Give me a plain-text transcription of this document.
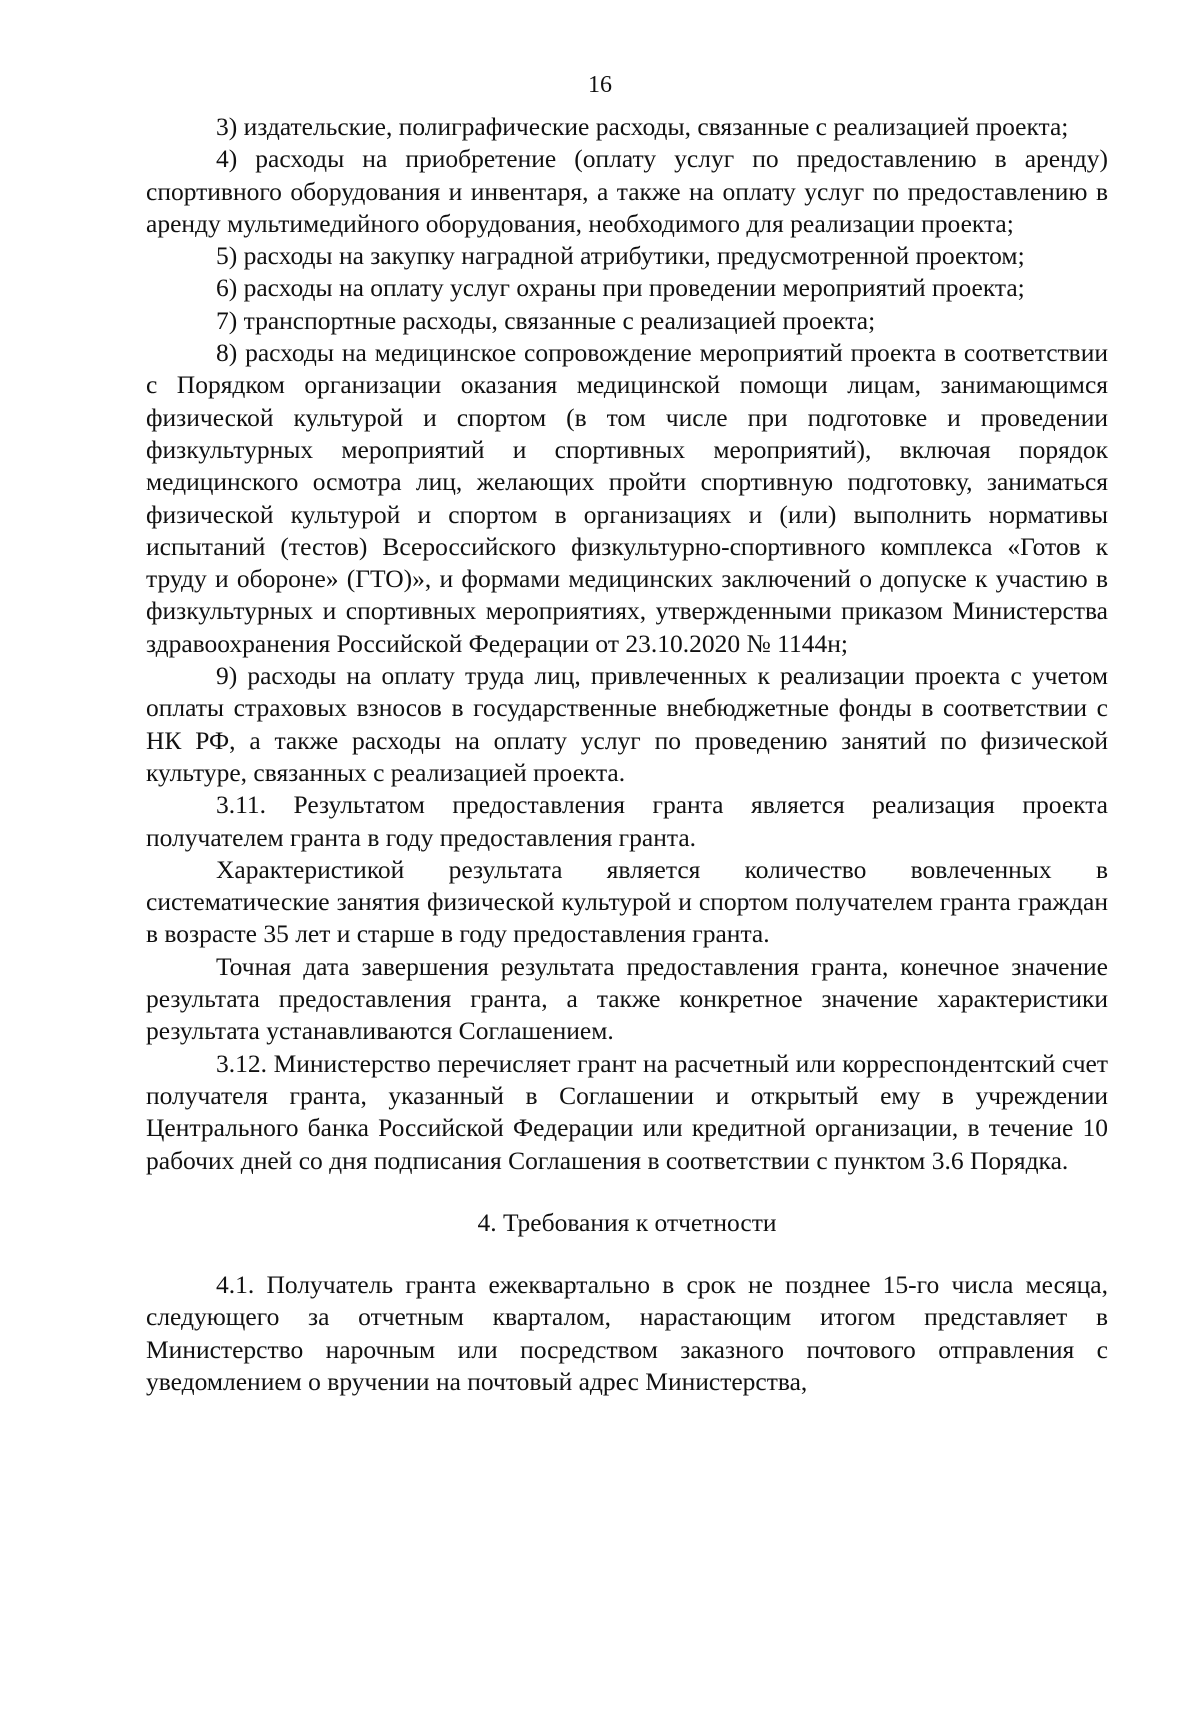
16

3) издательские, полиграфические расходы, связанные с реализацией проекта;

4) расходы на приобретение (оплату услуг по предоставлению в аренду) спортивного оборудования и инвентаря, а также на оплату услуг по предоставлению в аренду мультимедийного оборудования, необходимого для реализации проекта;

5) расходы на закупку наградной атрибутики, предусмотренной проектом;

6) расходы на оплату услуг охраны при проведении мероприятий проекта;

7) транспортные расходы, связанные с реализацией проекта;

8) расходы на медицинское сопровождение мероприятий проекта в соответствии с Порядком организации оказания медицинской помощи лицам, занимающимся физической культурой и спортом (в том числе при подготовке и проведении физкультурных мероприятий и спортивных мероприятий), включая порядок медицинского осмотра лиц, желающих пройти спортивную подготовку, заниматься физической культурой и спортом в организациях и (или) выполнить нормативы испытаний (тестов) Всероссийского физкультурно-спортивного комплекса «Готов к труду и обороне» (ГТО)», и формами медицинских заключений о допуске к участию в физкультурных и спортивных мероприятиях, утвержденными приказом Министерства здравоохранения Российской Федерации от 23.10.2020 № 1144н;

9) расходы на оплату труда лиц, привлеченных к реализации проекта с учетом оплаты страховых взносов в государственные внебюджетные фонды в соответствии с НК РФ, а также расходы на оплату услуг по проведению занятий по физической культуре, связанных с реализацией проекта.

3.11. Результатом предоставления гранта является реализация проекта получателем гранта в году предоставления гранта.

Характеристикой результата является количество вовлеченных в систематические занятия физической культурой и спортом получателем гранта граждан в возрасте 35 лет и старше в году предоставления гранта.

Точная дата завершения результата предоставления гранта, конечное значение результата предоставления гранта, а также конкретное значение характеристики результата устанавливаются Соглашением.

3.12. Министерство перечисляет грант на расчетный или корреспондентский счет получателя гранта, указанный в Соглашении и открытый ему в учреждении Центрального банка Российской Федерации или кредитной организации, в течение 10 рабочих дней со дня подписания Соглашения в соответствии с пунктом 3.6 Порядка.

4. Требования к отчетности

4.1. Получатель гранта ежеквартально в срок не позднее 15-го числа месяца, следующего за отчетным кварталом, нарастающим итогом представляет в Министерство нарочным или посредством заказного почтового отправления с уведомлением о вручении на почтовый адрес Министерства,
